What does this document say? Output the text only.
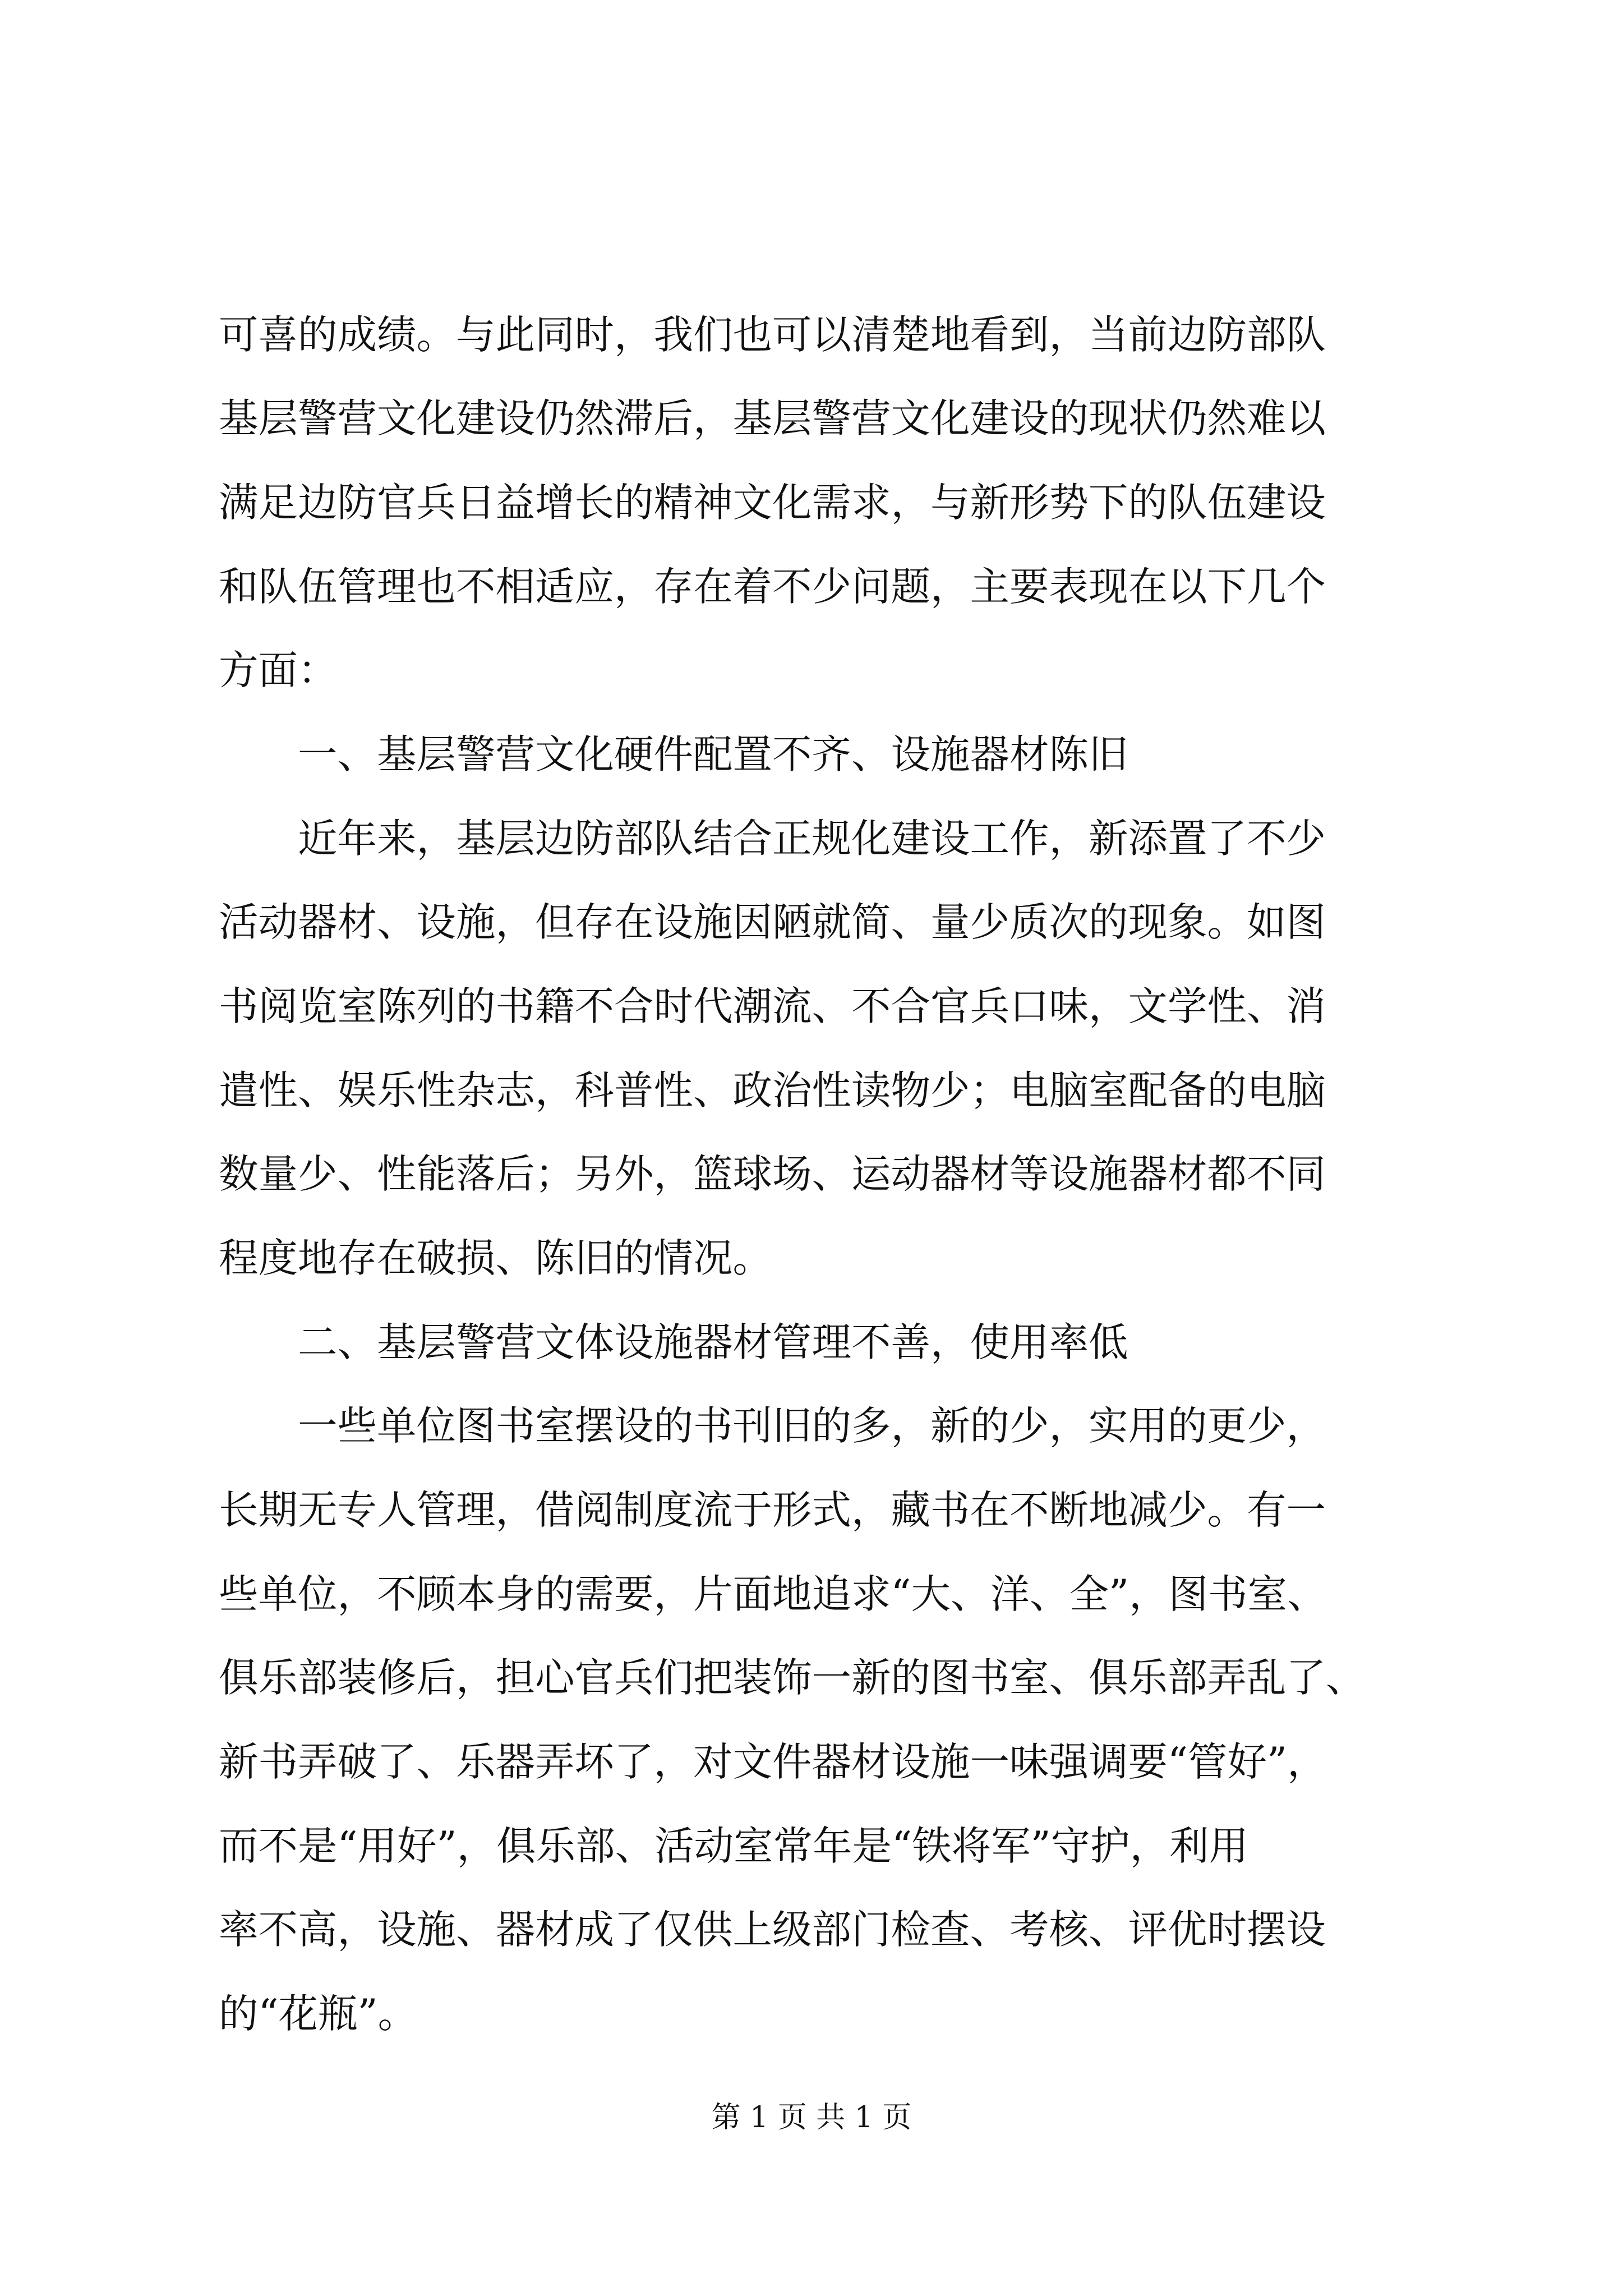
可喜的成绩。与此同时，我们也可以清楚地看到，当前边防部队
基层警营文化建设仍然滞后，基层警营文化建设的现状仍然难以
满足边防官兵日益增长的精神文化需求，与新形势下的队伍建设
和队伍管理也不相适应，存在着不少问题，主要表现在以下几个
方面：
一、基层警营文化硬件配置不齐、设施器材陈旧
近年来，基层边防部队结合正规化建设工作，新添置了不少
活动器材、设施，但存在设施因陋就简、量少质次的现象。如图
书阅览室陈列的书籍不合时代潮流、不合官兵口味，文学性、消
遣性、娱乐性杂志，科普性、政治性读物少；电脑室配备的电脑
数量少、性能落后；另外，篮球场、运动器材等设施器材都不同
程度地存在破损、陈旧的情况。
二、基层警营文体设施器材管理不善，使用率低
一些单位图书室摆设的书刊旧的多，新的少，实用的更少，
长期无专人管理，借阅制度流于形式，藏书在不断地减少。有一
些单位，不顾本身的需要，片面地追求“大、洋、全”，图书室、
俱乐部装修后，担心官兵们把装饰一新的图书室、俱乐部弄乱了、
新书弄破了、乐器弄坏了，对文件器材设施一味强调要“管好”，
而不是“用好”，俱乐部、活动室常年是“铁将军”守护，利用
率不高，设施、器材成了仅供上级部门检查、考核、评优时摆设
的“花瓶”。
第 1 页 共 1 页
